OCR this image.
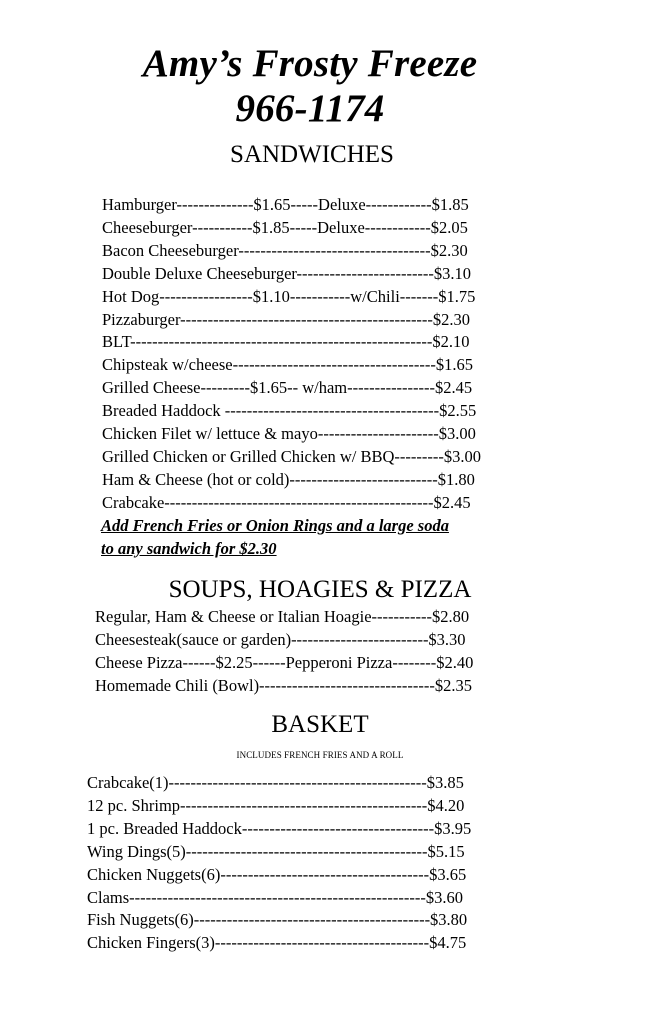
Amy’s Frosty Freeze
966-1174
SANDWICHES
Hamburger--------------$1.65-----Deluxe------------$1.85
Cheeseburger-----------$1.85-----Deluxe------------$2.05
Bacon Cheeseburger-----------------------------------$2.30
Double Deluxe Cheeseburger-------------------------$3.10
Hot Dog-----------------$1.10-----------w/Chili-------$1.75
Pizzaburger----------------------------------------------$2.30
BLT-------------------------------------------------------$2.10
Chipsteak w/cheese-------------------------------------$1.65
Grilled Cheese---------$1.65-- w/ham----------------$2.45
Breaded Haddock ---------------------------------------$2.55
Chicken Filet w/ lettuce & mayo----------------------$3.00
Grilled Chicken or Grilled Chicken w/ BBQ---------$3.00
Ham & Cheese (hot or cold)---------------------------$1.80
Crabcake-------------------------------------------------$2.45
Add French Fries or Onion Rings and a large soda
to any sandwich for $2.30
SOUPS, HOAGIES & PIZZA
Regular, Ham & Cheese or Italian Hoagie-----------$2.80
Cheesesteak(sauce or garden)-------------------------$3.30
Cheese Pizza------$2.25------Pepperoni Pizza--------$2.40
Homemade Chili (Bowl)--------------------------------$2.35
BASKET
INCLUDES FRENCH FRIES AND A ROLL
Crabcake(1)-----------------------------------------------$3.85
12 pc. Shrimp---------------------------------------------$4.20
1 pc. Breaded Haddock-----------------------------------$3.95
Wing Dings(5)--------------------------------------------$5.15
Chicken Nuggets(6)--------------------------------------$3.65
Clams------------------------------------------------------$3.60
Fish Nuggets(6)-------------------------------------------$3.80
Chicken Fingers(3)---------------------------------------$4.75
